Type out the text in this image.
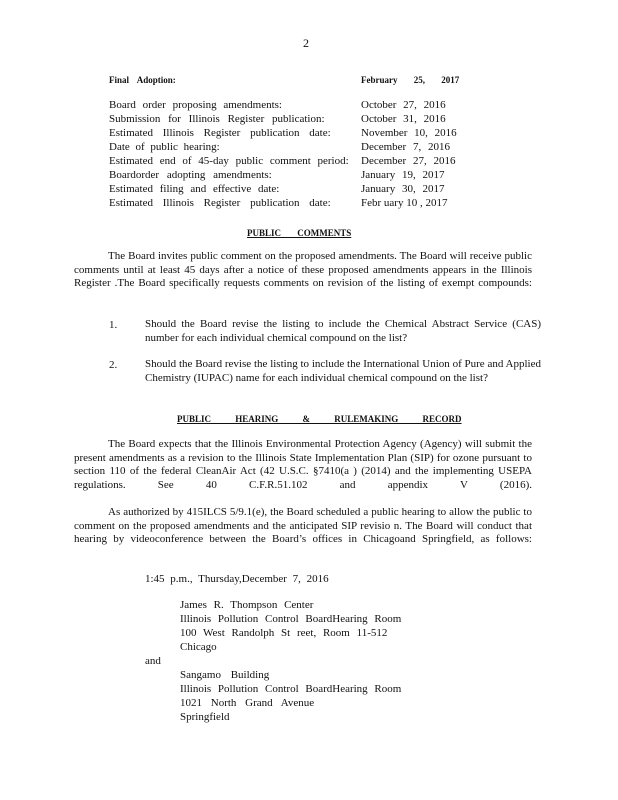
2
Final Adoption:	February 25, 2017
Board order proposing amendments:	October 27, 2016
Submission for Illinois Register publication:	October 31, 2016
Estimated Illinois Register publication date:	November 10, 2016
Date of public hearing:	December 7, 2016
Estimated end of 45-day public comment period: December 27, 2016
Boardorder adopting amendments:	January 19, 2017
Estimated filing and effective date:	January 30, 2017
Estimated Illinois Register publication date:	Febr uary 10 , 2017
PUBLIC COMMENTS
The Board invites public comment on the proposed amendments. The Board will receive public comments until at least 45 days after a notice of these proposed amendments appears in the Illinois Register .The Board specifically requests comments on revision of the listing of exempt compounds:
1.	Should the Board revise the listing to include the Chemical Abstract Service (CAS) number for each individual chemical compound on the list?
2.	Should the Board revise the listing to include the International Union of Pure and Applied Chemistry (IUPAC) name for each individual chemical compound on the list?
PUBLIC HEARING & RULEMAKING RECORD
The Board expects that the Illinois Environmental Protection Agency (Agency) will submit the present amendments as a revision to the Illinois State Implementation Plan (SIP) for ozone pursuant to section 110 of the federal CleanAir Act (42 U.S.C. §7410(a ) (2014) and the implementing USEPA regulations. See 40 C.F.R.51.102 and appendix V (2016).
As authorized by 415ILCS 5/9.1(e), the Board scheduled a public hearing to allow the public to comment on the proposed amendments and the anticipated SIP revisio n. The Board will conduct that hearing by videoconference between the Board’s offices in Chicagoand Springfield, as follows:
1:45 p.m., Thursday,December 7, 2016
James R. Thompson Center
Illinois Pollution Control BoardHearing Room
100 West Randolph St reet, Room 11-512
Chicago
and
Sangamo Building
Illinois Pollution Control BoardHearing Room
1021 North Grand Avenue
Springfield
